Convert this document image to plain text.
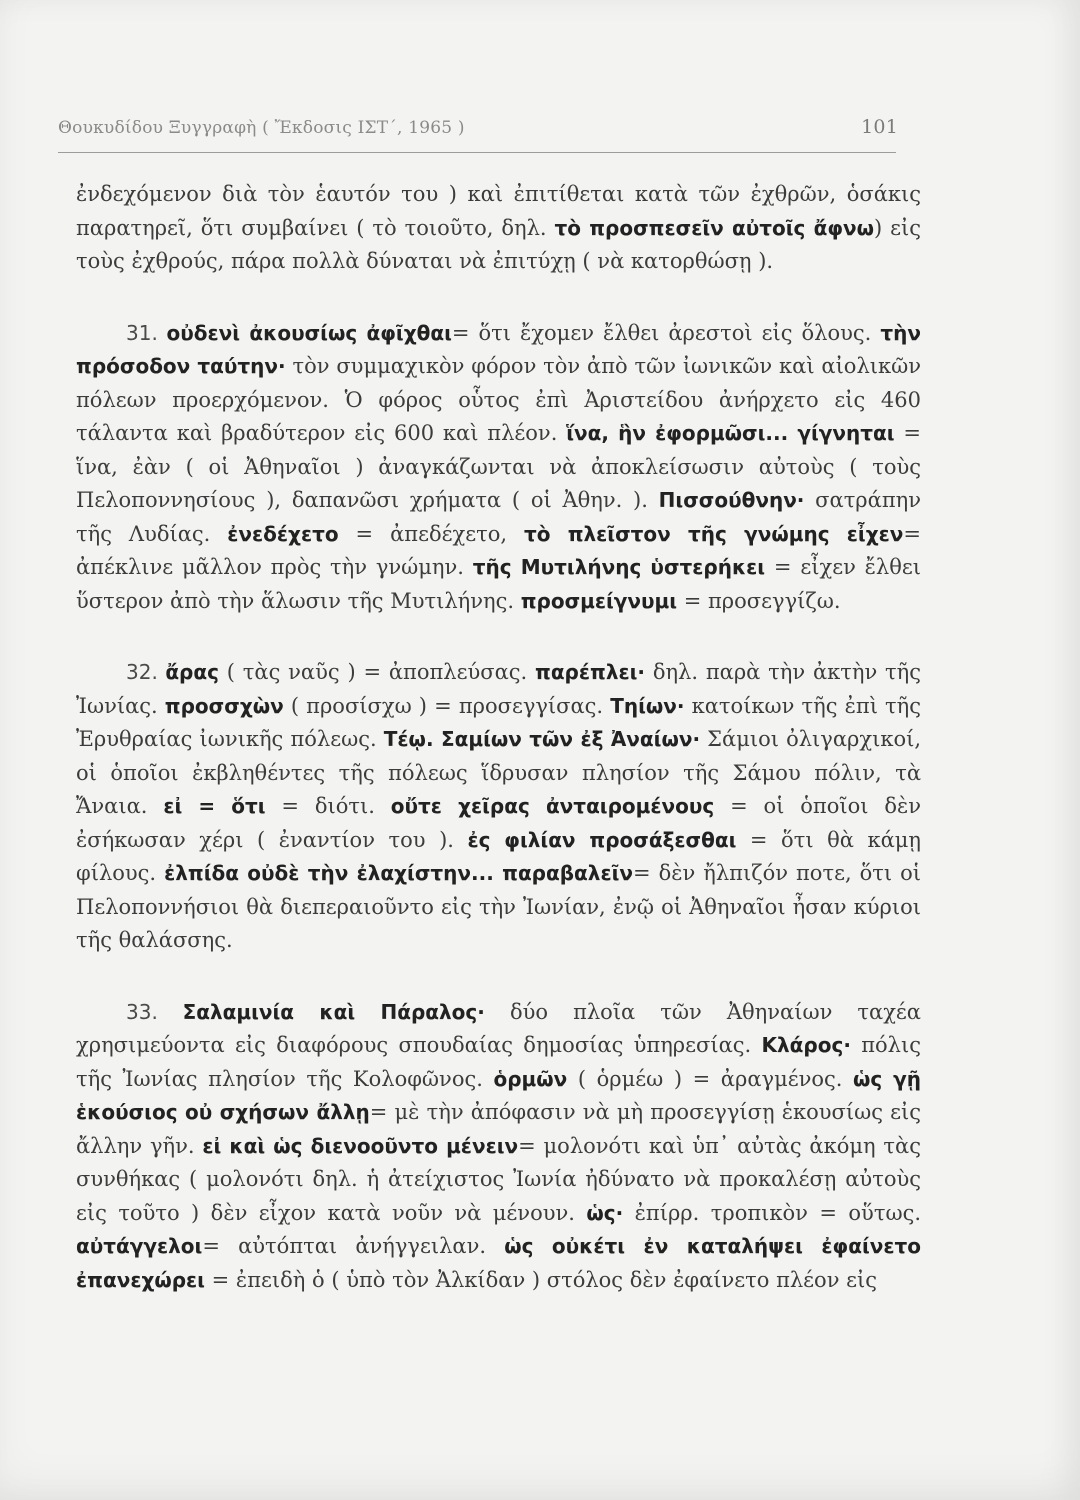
Θουκυδίδου Ξυγγραφὴ ( Ἔκδοσις ΙΣΤ΄, 1965 )	101

ἐνδεχόμενον διὰ τὸν ἑαυτόν του ) καὶ ἐπιτίθεται κατὰ τῶν ἐχθρῶν, ὁσάκις παρατηρεῖ, ὅτι συμβαίνει ( τὸ τοιοῦτο, δηλ. τὸ προσπεσεῖν αὐτοῖς ἄφνω) εἰς τοὺς ἐχθρούς, πάρα πολλὰ δύναται νὰ ἐπιτύχῃ ( νὰ κατορθώσῃ ).

31. οὐδενὶ ἀκουσίως ἀφῖχθαι= ὅτι ἔχομεν ἔλθει ἀρεστοὶ εἰς ὅλους. τὴν πρόσοδον ταύτην· τὸν συμμαχικὸν φόρον τὸν ἀπὸ τῶν ἰωνικῶν καὶ αἰολικῶν πόλεων προερχόμενον. Ὁ φόρος οὗτος ἐπὶ Ἀριστείδου ἀνήρχετο εἰς 460 τάλαντα καὶ βραδύτερον εἰς 600 καὶ πλέον. ἵνα, ἣν ἐφορμῶσι... γίγνηται = ἵνα, ἐὰν ( οἱ Ἀθηναῖοι ) ἀναγκάζωνται νὰ ἀποκλείσωσιν αὐτοὺς ( τοὺς Πελοποννησίους ), δαπανῶσι χρήματα ( οἱ Ἀθην. ). Πισσούθνην· σατράπην τῆς Λυδίας. ἐνεδέχετο = ἀπεδέχετο, τὸ πλεῖστον τῆς γνώμης εἶχεν= ἀπέκλινε μᾶλλον πρὸς τὴν γνώμην. τῆς Μυτιλήνης ὑστερήκει = εἶχεν ἔλθει ὕστερον ἀπὸ τὴν ἅλωσιν τῆς Μυτιλήνης. προσμείγνυμι = προσεγγίζω.

32. ἄρας ( τὰς ναῦς ) = ἀποπλεύσας. παρέπλει· δηλ. παρὰ τὴν ἀκτὴν τῆς Ἰωνίας. προσσχὼν ( προσίσχω ) = προσεγγίσας. Τηίων· κατοίκων τῆς ἐπὶ τῆς Ἐρυθραίας ἰωνικῆς πόλεως. Τέῳ. Σαμίων τῶν ἐξ Ἀναίων· Σάμιοι ὀλιγαρχικοί, οἱ ὁποῖοι ἐκβληθέντες τῆς πόλεως ἵδρυσαν πλησίον τῆς Σάμου πόλιν, τὰ Ἄναια. εἰ = ὅτι = διότι. οὔτε χεῖρας ἀνταιρομένους = οἱ ὁποῖοι δὲν ἐσήκωσαν χέρι ( ἐναντίον του ). ἐς φιλίαν προσάξεσθαι = ὅτι θὰ κάμῃ φίλους. ἐλπίδα οὐδὲ τὴν ἐλαχίστην... παραβαλεῖν= δὲν ἤλπιζόν ποτε, ὅτι οἱ Πελοποννήσιοι θὰ διεπεραιοῦντο εἰς τὴν Ἰωνίαν, ἐνῷ οἱ Ἀθηναῖοι ἦσαν κύριοι τῆς θαλάσσης.

33. Σαλαμινία καὶ Πάραλος· δύο πλοῖα τῶν Ἀθηναίων ταχέα χρησιμεύοντα εἰς διαφόρους σπουδαίας δημοσίας ὑπηρεσίας. Κλάρος· πόλις τῆς Ἰωνίας πλησίον τῆς Κολοφῶνος. ὁρμῶν ( ὁρμέω ) = ἀραγμένος. ὡς γῇ ἑκούσιος οὐ σχήσων ἄλλῃ= μὲ τὴν ἀπόφασιν νὰ μὴ προσεγγίσῃ ἑκουσίως εἰς ἄλλην γῆν. εἰ καὶ ὡς διενοοῦντο μένειν= μολονότι καὶ ὑπ᾽ αὐτὰς ἀκόμη τὰς συνθήκας ( μολονότι δηλ. ἡ ἀτείχιστος Ἰωνία ἠδύνατο νὰ προκαλέσῃ αὐτοὺς εἰς τοῦτο ) δὲν εἶχον κατὰ νοῦν νὰ μένουν. ὡς· ἐπίρρ. τροπικὸν = οὕτως. αὐτάγγελοι= αὐτόπται ἀνήγγειλαν. ὡς οὐκέτι ἐν καταλήψει ἐφαίνετο ἐπανεχώρει = ἐπειδὴ ὁ ( ὑπὸ τὸν Ἀλκίδαν ) στόλος δὲν ἐφαίνετο πλέον εἰς
